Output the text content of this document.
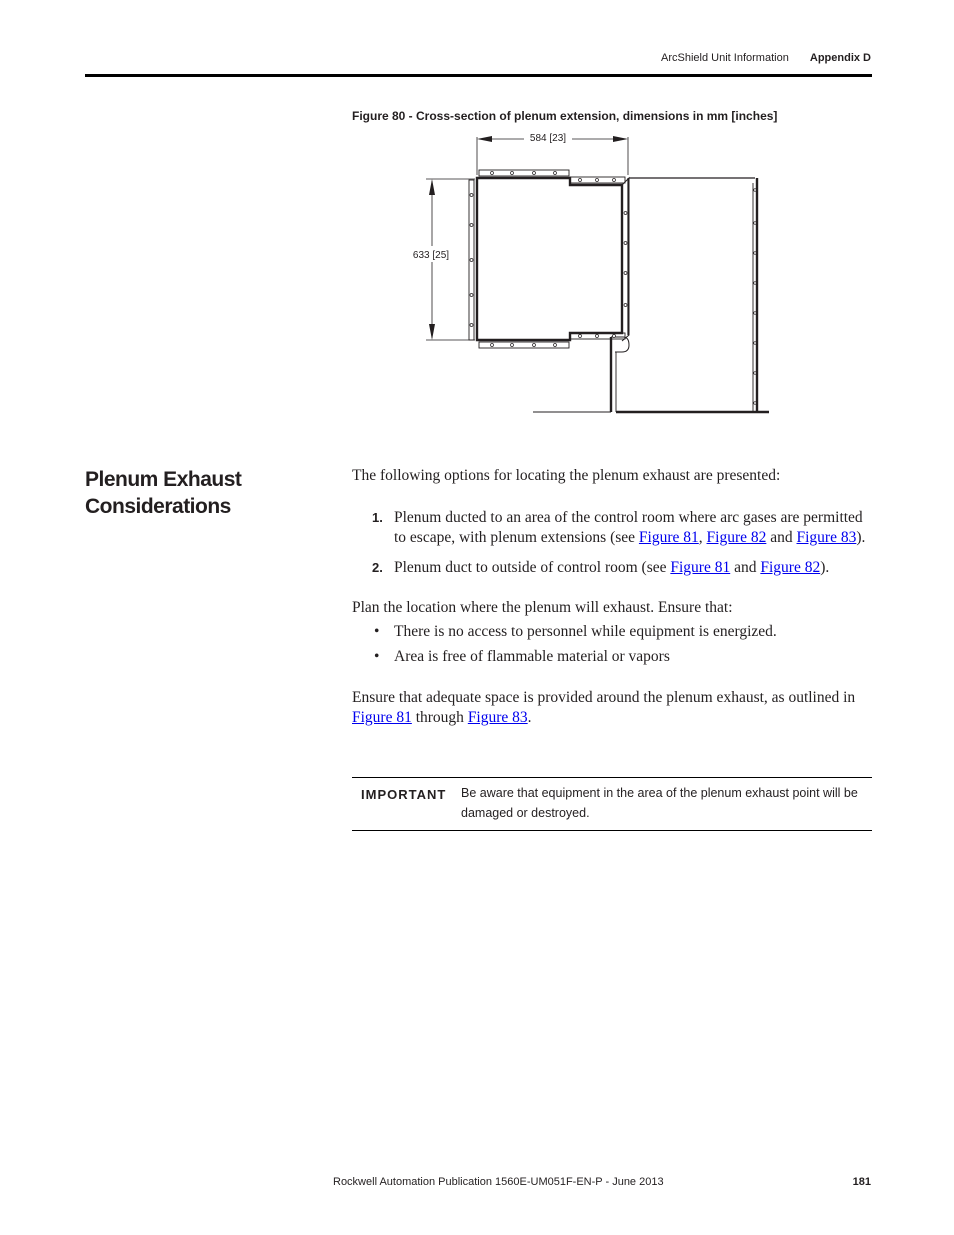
ArcShield Unit Information Appendix D
Figure 80 - Cross-section of plenum extension, dimensions in mm [inches]
584 [23]
633 [25]
Plenum Exhaust
Considerations

The following options for locating the plenum exhaust are presented:

1. Plenum ducted to an area of the control room where arc gases are permitted to escape, with plenum extensions (see Figure 81, Figure 82 and Figure 83).
2. Plenum duct to outside of control room (see Figure 81 and Figure 82).

Plan the location where the plenum will exhaust. Ensure that:

• There is no access to personnel while equipment is energized.
• Area is free of flammable material or vapors

Ensure that adequate space is provided around the plenum exhaust, as outlined in Figure 81 through Figure 83.

IMPORTANT Be aware that equipment in the area of the plenum exhaust point will be damaged or destroyed.
Rockwell Automation Publication 1560E-UM051F-EN-P - June 2013	181
